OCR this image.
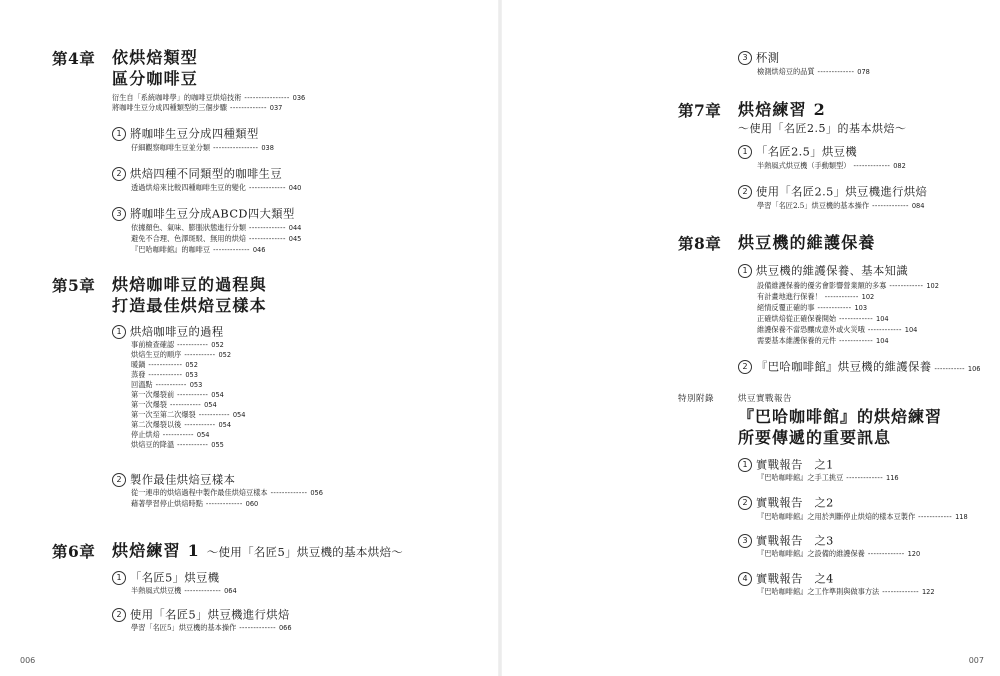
第4章 依烘焙類型
區分咖啡豆
衍生自「系統咖啡學」的咖啡豆烘焙技術 ---------------- 036
將咖啡生豆分成四種類型的三個步驟 ------------- 037
1 將咖啡生豆分成四種類型
仔細觀察咖啡生豆並分類 ---------------- 038
2 烘焙四種不同類型的咖啡生豆
透過烘焙來比較四種咖啡生豆的變化 ------------- 040
3 將咖啡生豆分成ABCD四大類型
依據顏色、氣味、膨脹狀態進行分類 ------------- 044
避免不合理、色澤斑駁、無用的烘焙 ------------- 045
『巴哈咖啡館』的咖啡豆 ------------- 046
第5章 烘焙咖啡豆的過程與
打造最佳烘焙豆樣本
1 烘焙咖啡豆的過程
事前檢查確認 ----------- 052
烘焙生豆的順序 ----------- 052
暖鍋 ------------ 052
蒸發 ------------ 053
回溫點 ----------- 053
第一次爆裂前 ----------- 054
第一次爆裂 ----------- 054
第一次至第二次爆裂 ----------- 054
第二次爆裂以後 ----------- 054
停止烘焙 ----------- 054
烘焙豆的降溫 ----------- 055
2 製作最佳烘焙豆樣本
從一連串的烘焙過程中製作最佳烘焙豆樣本 ------------- 056
藉著學習停止烘焙時點 ------------- 060
第6章 烘焙練習 1 ～使用「名匠5」烘豆機的基本烘焙～
1 「名匠5」烘豆機
半熱風式烘豆機 ------------- 064
2 使用「名匠5」烘豆機進行烘焙
學習「名匠5」烘豆機的基本操作 ------------- 066
006
3 杯測
檢測烘焙豆的品質 ------------- 078
第7章 烘焙練習 2
～使用「名匠2.5」的基本烘焙～
1 「名匠2.5」烘豆機
半熱風式烘豆機（手動類型） ------------- 082
2 使用「名匠2.5」烘豆機進行烘焙
學習「名匠2.5」烘豆機的基本操作 ------------- 084
第8章 烘豆機的維護保養
1 烘豆機的維護保養、基本知識
設備維護保養的優劣會影響營業額的多寡 ------------ 102
有計畫地進行保養！ ------------ 102
絕情反覆正確的事 ------------ 103
正確烘焙從正確保養開始 ------------ 104
維護保養不當恐釀成意外或火災哦 ------------ 104
需要基本維護保養的元件 ------------ 104
2 『巴哈咖啡館』烘豆機的維護保養 ----------- 106
特別附錄	烘豆實戰報告
『巴哈咖啡館』的烘焙練習
所要傳遞的重要訊息
1 實戰報告　之1
『巴哈咖啡館』之手工挑豆 ------------- 116
2 實戰報告　之2
『巴哈咖啡館』之用於判斷停止烘焙的樣本豆製作 ------------ 118
3 實戰報告　之3
『巴哈咖啡館』之設備的維護保養 ------------- 120
4 實戰報告　之4
『巴哈咖啡館』之工作準則與做事方法 ------------- 122
007
